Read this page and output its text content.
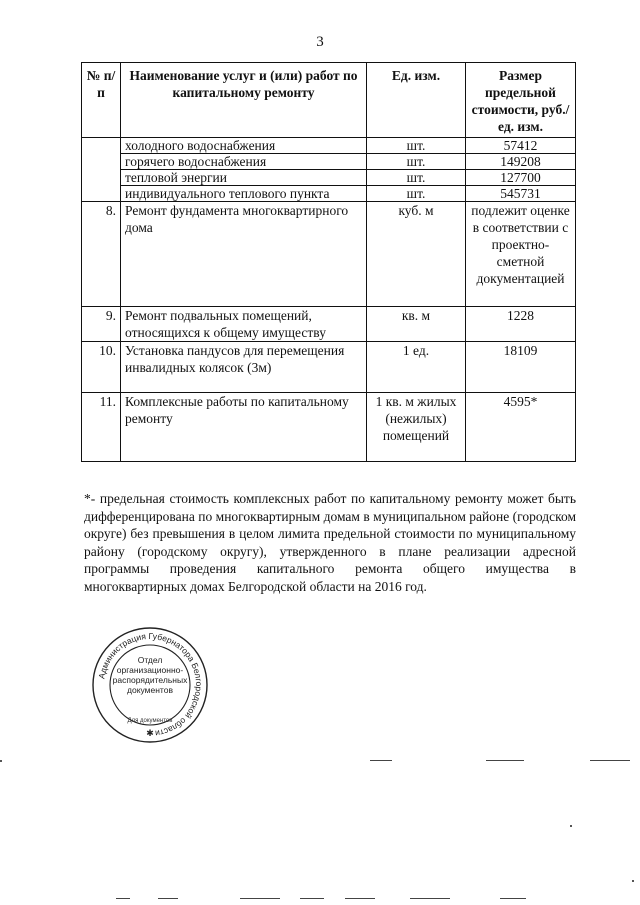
3
№ п/п	Наименование услуг и (или) работ по капитальному ремонту	Ед. изм.	Размер предельной стоимости, руб./ед. изм.
	холодного водоснабжения	шт.	57412
	горячего водоснабжения	шт.	149208
	тепловой энергии	шт.	127700
	индивидуального теплового пункта	шт.	545731
8.	Ремонт фундамента многоквартирного дома	куб. м	подлежит оценке в соответствии с проектно-сметной документацией
9.	Ремонт подвальных помещений, относящихся к общему имуществу	кв. м	1228
10.	Установка пандусов для перемещения инвалидных колясок (3м)	1 ед.	18109
11.	Комплексные работы по капитальному ремонту	1 кв. м жилых (нежилых) помещений	4595*
*- предельная стоимость комплексных работ по капитальному ремонту может быть дифференцирована по многоквартирным домам в муниципальном районе (городском округе) без превышения в целом лимита предельной стоимости по муниципальному району (городскому округу), утвержденного в плане реализации адресной программы проведения капитального ремонта общего имущества в многоквартирных домах Белгородской области на 2016 год.
Администрация Губернатора Белгородской области
Для документов
✱
Отдел организационно-распорядительных документов
